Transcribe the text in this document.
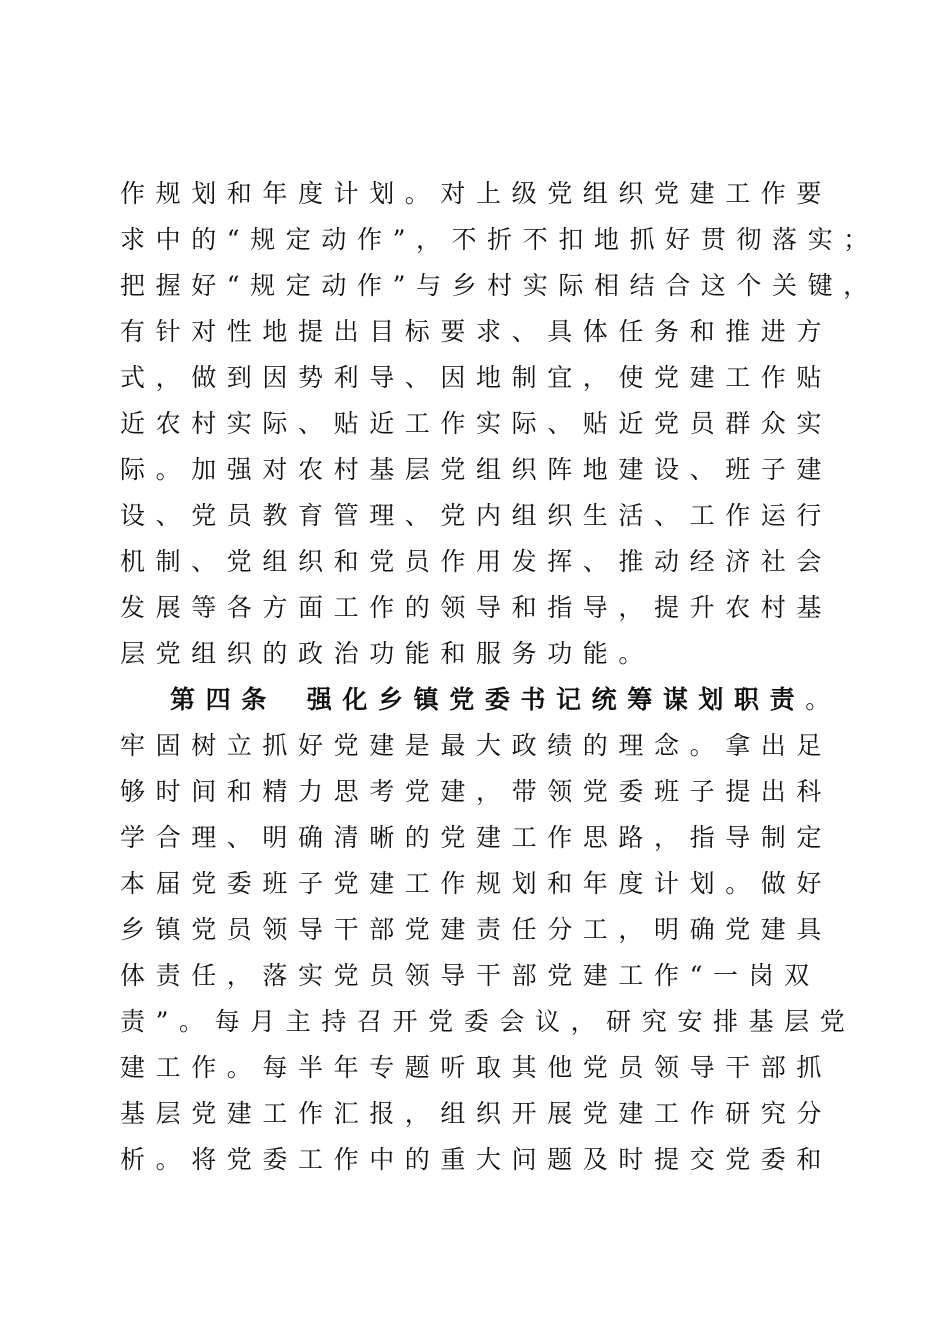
作规划和年度计划。对上级党组织党建工作要
求中的“规定动作”，不折不扣地抓好贯彻落实；
把握好“规定动作”与乡村实际相结合这个关键，
有针对性地提出目标要求、具体任务和推进方
式，做到因势利导、因地制宜，使党建工作贴
近农村实际、贴近工作实际、贴近党员群众实
际。加强对农村基层党组织阵地建设、班子建
设、党员教育管理、党内组织生活、工作运行
机制、党组织和党员作用发挥、推动经济社会
发展等各方面工作的领导和指导，提升农村基
层党组织的政治功能和服务功能。
第四条 强化乡镇党委书记统筹谋划职责。
牢固树立抓好党建是最大政绩的理念。拿出足
够时间和精力思考党建，带领党委班子提出科
学合理、明确清晰的党建工作思路，指导制定
本届党委班子党建工作规划和年度计划。做好
乡镇党员领导干部党建责任分工，明确党建具
体责任，落实党员领导干部党建工作“一岗双
责”。每月主持召开党委会议，研究安排基层党
建工作。每半年专题听取其他党员领导干部抓
基层党建工作汇报，组织开展党建工作研究分
析。将党委工作中的重大问题及时提交党委和
